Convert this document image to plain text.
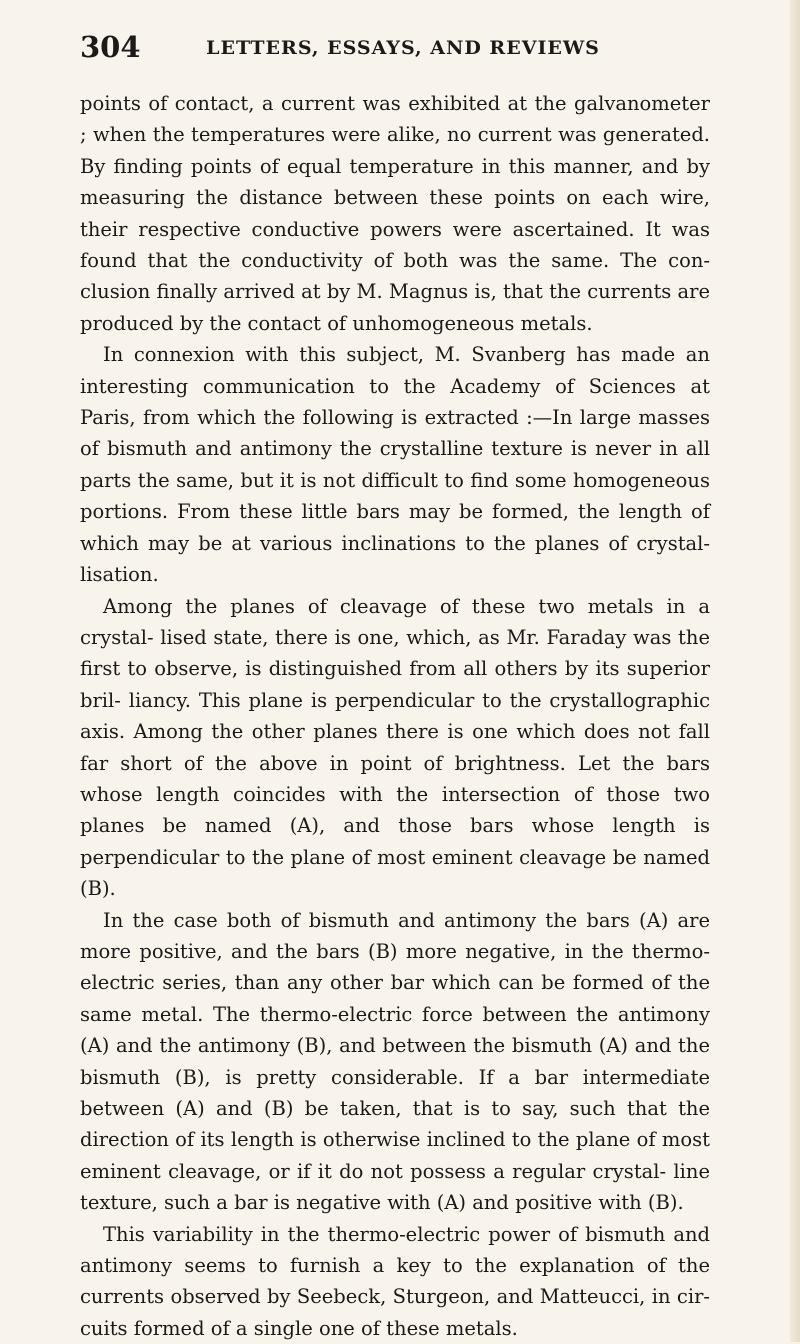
304	LETTERS, ESSAYS, AND REVIEWS

points of contact, a current was exhibited at the galvanometer ; when the temperatures were alike, no current was generated. By finding points of equal temperature in this manner, and by measuring the distance between these points on each wire, their respective conductive powers were ascertained. It was found that the conductivity of both was the same. The con- clusion finally arrived at by M. Magnus is, that the currents are produced by the contact of unhomogeneous metals.

In connexion with this subject, M. Svanberg has made an interesting communication to the Academy of Sciences at Paris, from which the following is extracted :—In large masses of bismuth and antimony the crystalline texture is never in all parts the same, but it is not difficult to find some homogeneous portions. From these little bars may be formed, the length of which may be at various inclinations to the planes of crystal- lisation.

Among the planes of cleavage of these two metals in a crystal- lised state, there is one, which, as Mr. Faraday was the first to observe, is distinguished from all others by its superior bril- liancy. This plane is perpendicular to the crystallographic axis. Among the other planes there is one which does not fall far short of the above in point of brightness. Let the bars whose length coincides with the intersection of those two planes be named (A), and those bars whose length is perpendicular to the plane of most eminent cleavage be named (B).

In the case both of bismuth and antimony the bars (A) are more positive, and the bars (B) more negative, in the thermo- electric series, than any other bar which can be formed of the same metal. The thermo-electric force between the antimony (A) and the antimony (B), and between the bismuth (A) and the bismuth (B), is pretty considerable. If a bar intermediate between (A) and (B) be taken, that is to say, such that the direction of its length is otherwise inclined to the plane of most eminent cleavage, or if it do not possess a regular crystal- line texture, such a bar is negative with (A) and positive with (B).

This variability in the thermo-electric power of bismuth and antimony seems to furnish a key to the explanation of the currents observed by Seebeck, Sturgeon, and Matteucci, in cir- cuits formed of a single one of these metals.
